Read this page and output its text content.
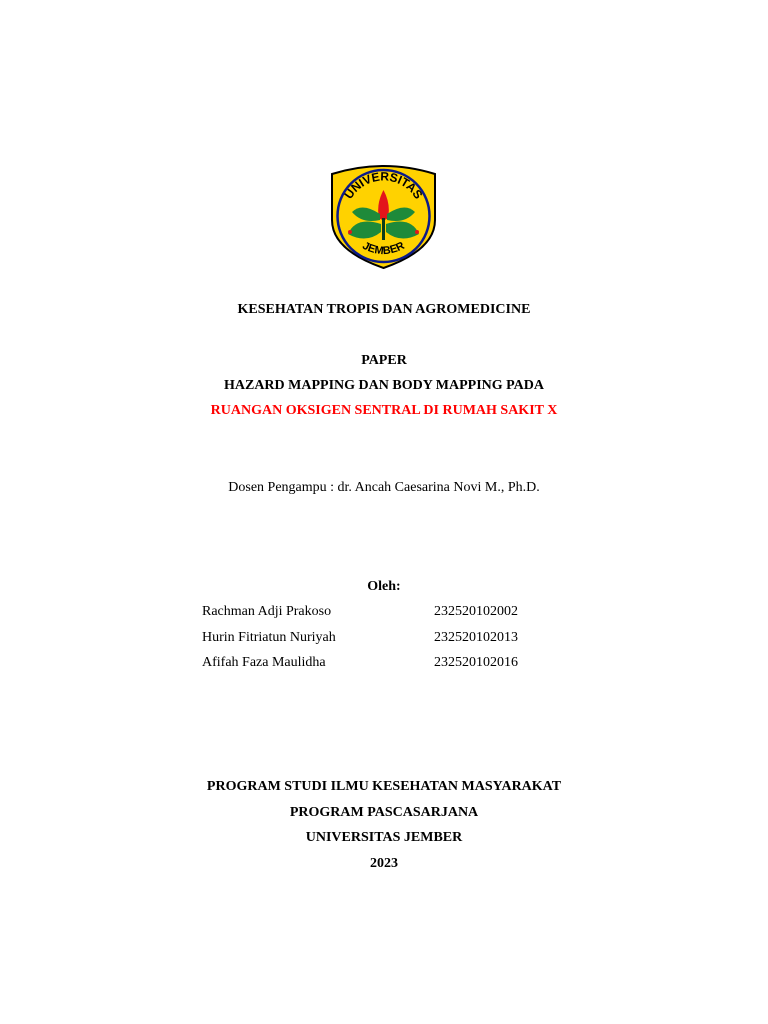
UNIVERSITAS
JEMBER
KESEHATAN TROPIS DAN AGROMEDICINE
PAPER
HAZARD MAPPING DAN BODY MAPPING PADA
RUANGAN OKSIGEN SENTRAL DI RUMAH SAKIT X
Dosen Pengampu : dr. Ancah Caesarina Novi M., Ph.D.
Oleh:
Rachman Adji Prakoso	232520102002
Hurin Fitriatun Nuriyah	232520102013
Afifah Faza Maulidha	232520102016
PROGRAM STUDI ILMU KESEHATAN MASYARAKAT
PROGRAM PASCASARJANA
UNIVERSITAS JEMBER
2023
